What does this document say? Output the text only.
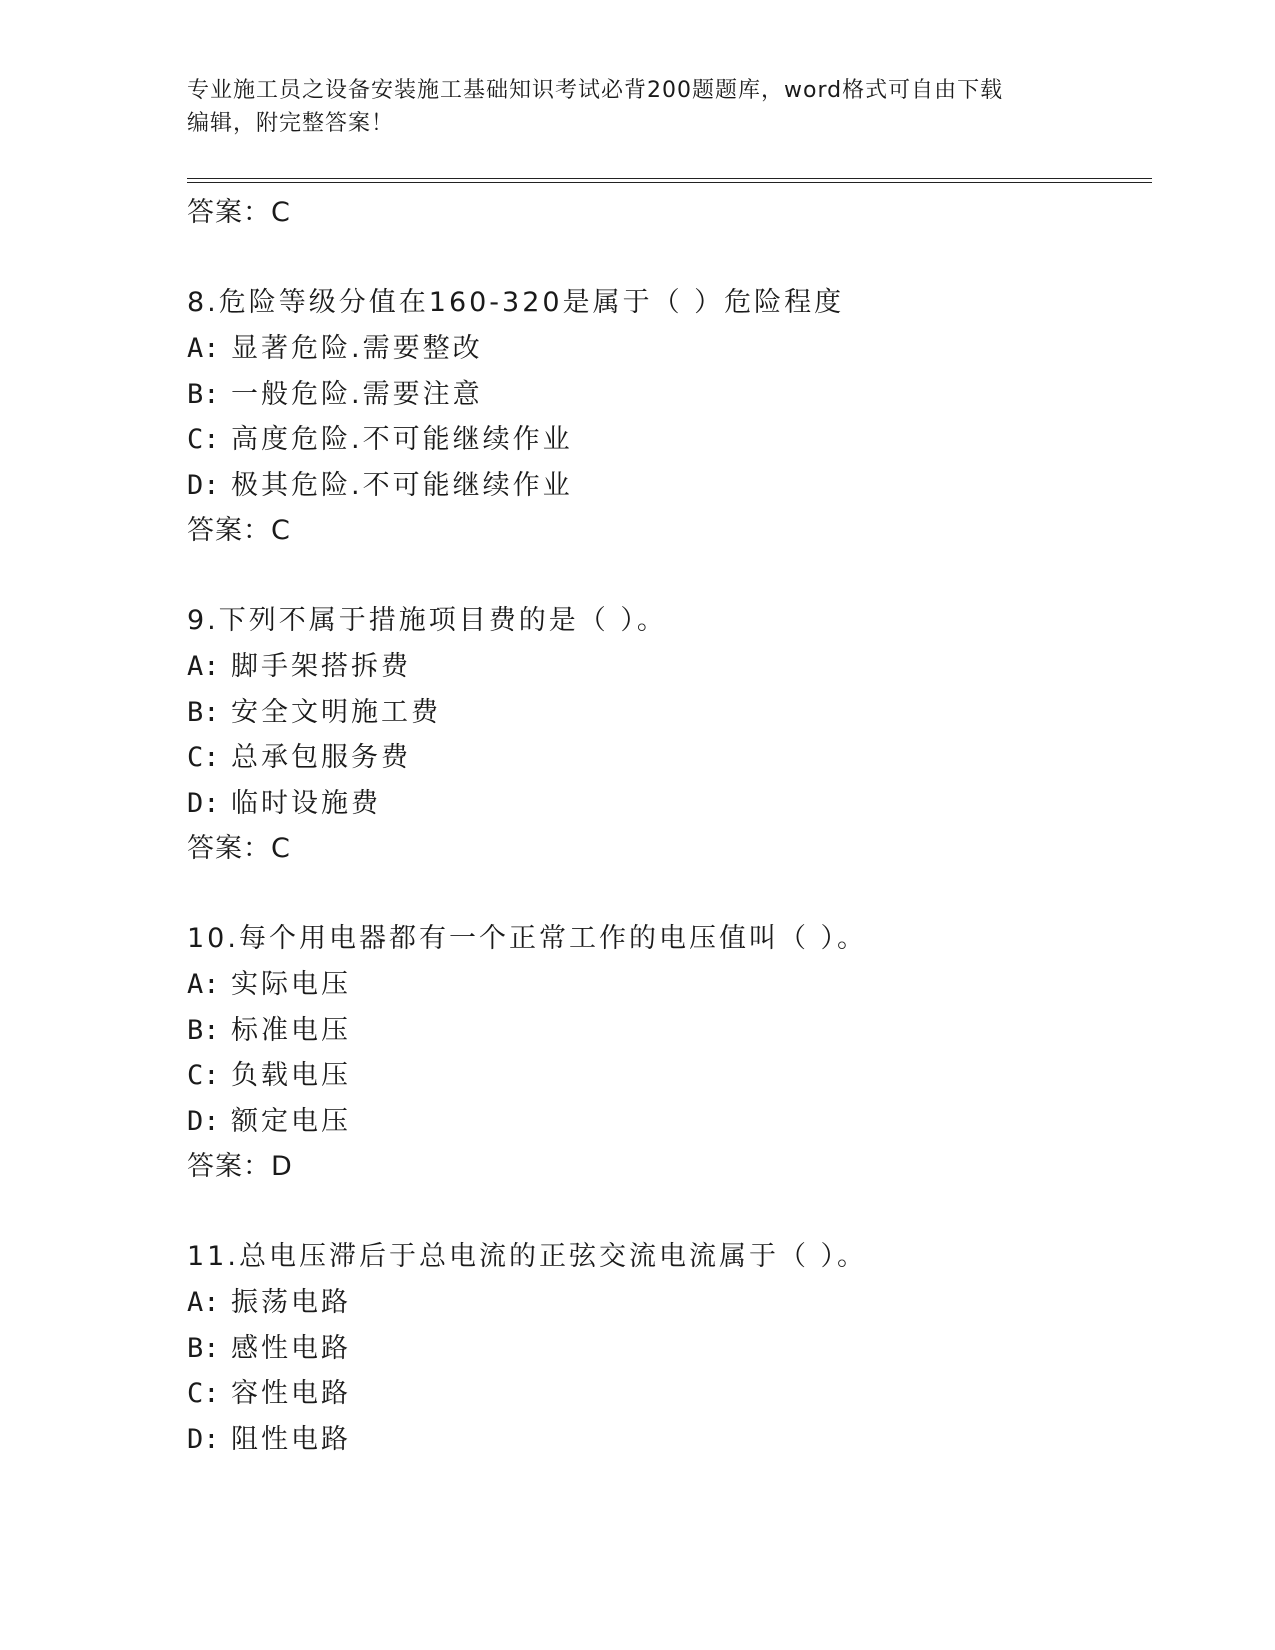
专业施工员之设备安装施工基础知识考试必背200题题库，word格式可自由下载
编辑，附完整答案！

答案：C

8.危险等级分值在160-320是属于（ ）危险程度

A: 显著危险.需要整改

B: 一般危险.需要注意

C: 高度危险.不可能继续作业

D: 极其危险.不可能继续作业

答案：C

9.下列不属于措施项目费的是（ ）。

A: 脚手架搭拆费

B: 安全文明施工费

C: 总承包服务费

D: 临时设施费

答案：C

10.每个用电器都有一个正常工作的电压值叫（ ）。

A: 实际电压

B: 标准电压

C: 负载电压

D: 额定电压

答案：D

11.总电压滞后于总电流的正弦交流电流属于（ ）。

A: 振荡电路

B: 感性电路

C: 容性电路

D: 阻性电路
